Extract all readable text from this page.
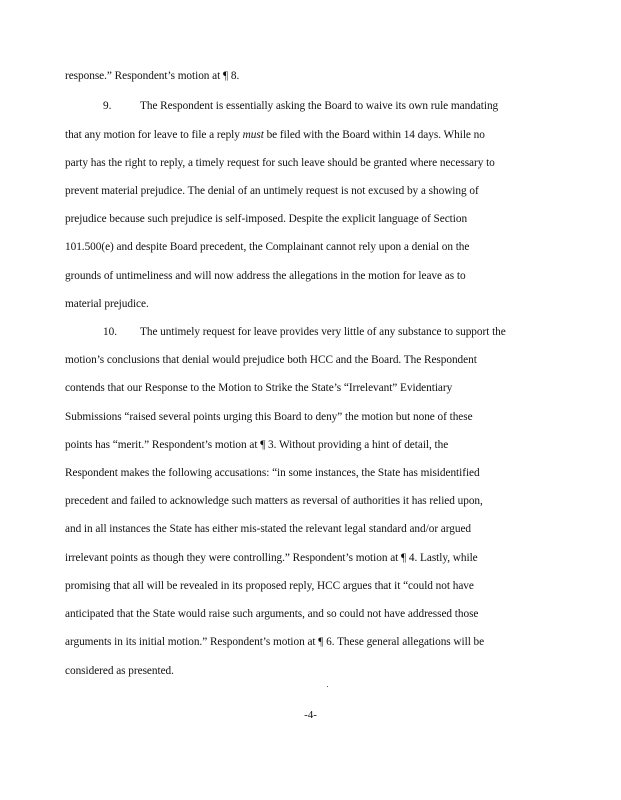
response.” Respondent’s motion at ¶ 8.
9.	The Respondent is essentially asking the Board to waive its own rule mandating
that any motion for leave to file a reply must be filed with the Board within 14 days. While no
party has the right to reply, a timely request for such leave should be granted where necessary to
prevent material prejudice. The denial of an untimely request is not excused by a showing of
prejudice because such prejudice is self-imposed. Despite the explicit language of Section
101.500(e) and despite Board precedent, the Complainant cannot rely upon a denial on the
grounds of untimeliness and will now address the allegations in the motion for leave as to
material prejudice.
10. The untimely request for leave provides very little of any substance to support the
motion’s conclusions that denial would prejudice both HCC and the Board. The Respondent
contends that our Response to the Motion to Strike the State’s “Irrelevant” Evidentiary
Submissions “raised several points urging this Board to deny” the motion but none of these
points has “merit.” Respondent’s motion at ¶ 3. Without providing a hint of detail, the
Respondent makes the following accusations: “in some instances, the State has misidentified
precedent and failed to acknowledge such matters as reversal of authorities it has relied upon,
and in all instances the State has either mis-stated the relevant legal standard and/or argued
irrelevant points as though they were controlling.” Respondent’s motion at ¶ 4. Lastly, while
promising that all will be revealed in its proposed reply, HCC argues that it “could not have
anticipated that the State would raise such arguments, and so could not have addressed those
arguments in its initial motion.” Respondent’s motion at ¶ 6. These general allegations will be
considered as presented.
-4-
